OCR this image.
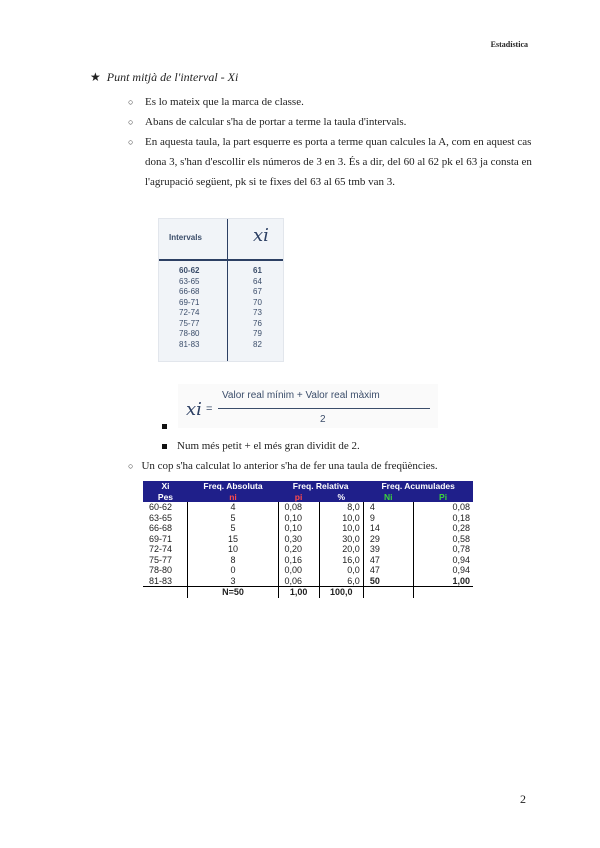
Estadística
★ Punt mitjà de l'interval - Xi
○ Es lo mateix que la marca de classe.
○ Abans de calcular s'ha de portar a terme la taula d'intervals.
○ En aquesta taula, la part esquerre es porta a terme quan calcules la A, com en aquest cas dona 3, s'han d'escollir els números de 3 en 3. És a dir, del 60 al 62 pk el 63 ja consta en l'agrupació següent, pk si te fixes del 63 al 65 tmb van 3.
Intervals	xi
60-62	61
63-65	64
66-68	67
69-71	70
72-74	73
75-77	76
78-80	79
81-83	82
xi =
Valor real mínim + Valor real màxim
2
Num més petit + el més gran dividit de 2.
○ Un cop s'ha calculat lo anterior s'ha de fer una taula de freqüències.
Xi	Freq. Absoluta	Freq. Relativa		Freq. Acumulades	
Pes	ni	pi	%	Ni	Pi
60-62	4	0,08	8,0	4	0,08
63-65	5	0,10	10,0	9	0,18
66-68	5	0,10	10,0	14	0,28
69-71	15	0,30	30,0	29	0,58
72-74	10	0,20	20,0	39	0,78
75-77	8	0,16	16,0	47	0,94
78-80	0	0,00	0,0	47	0,94
81-83	3	0,06	6,0	50	1,00
	N=50	1,00	100,0		
2
